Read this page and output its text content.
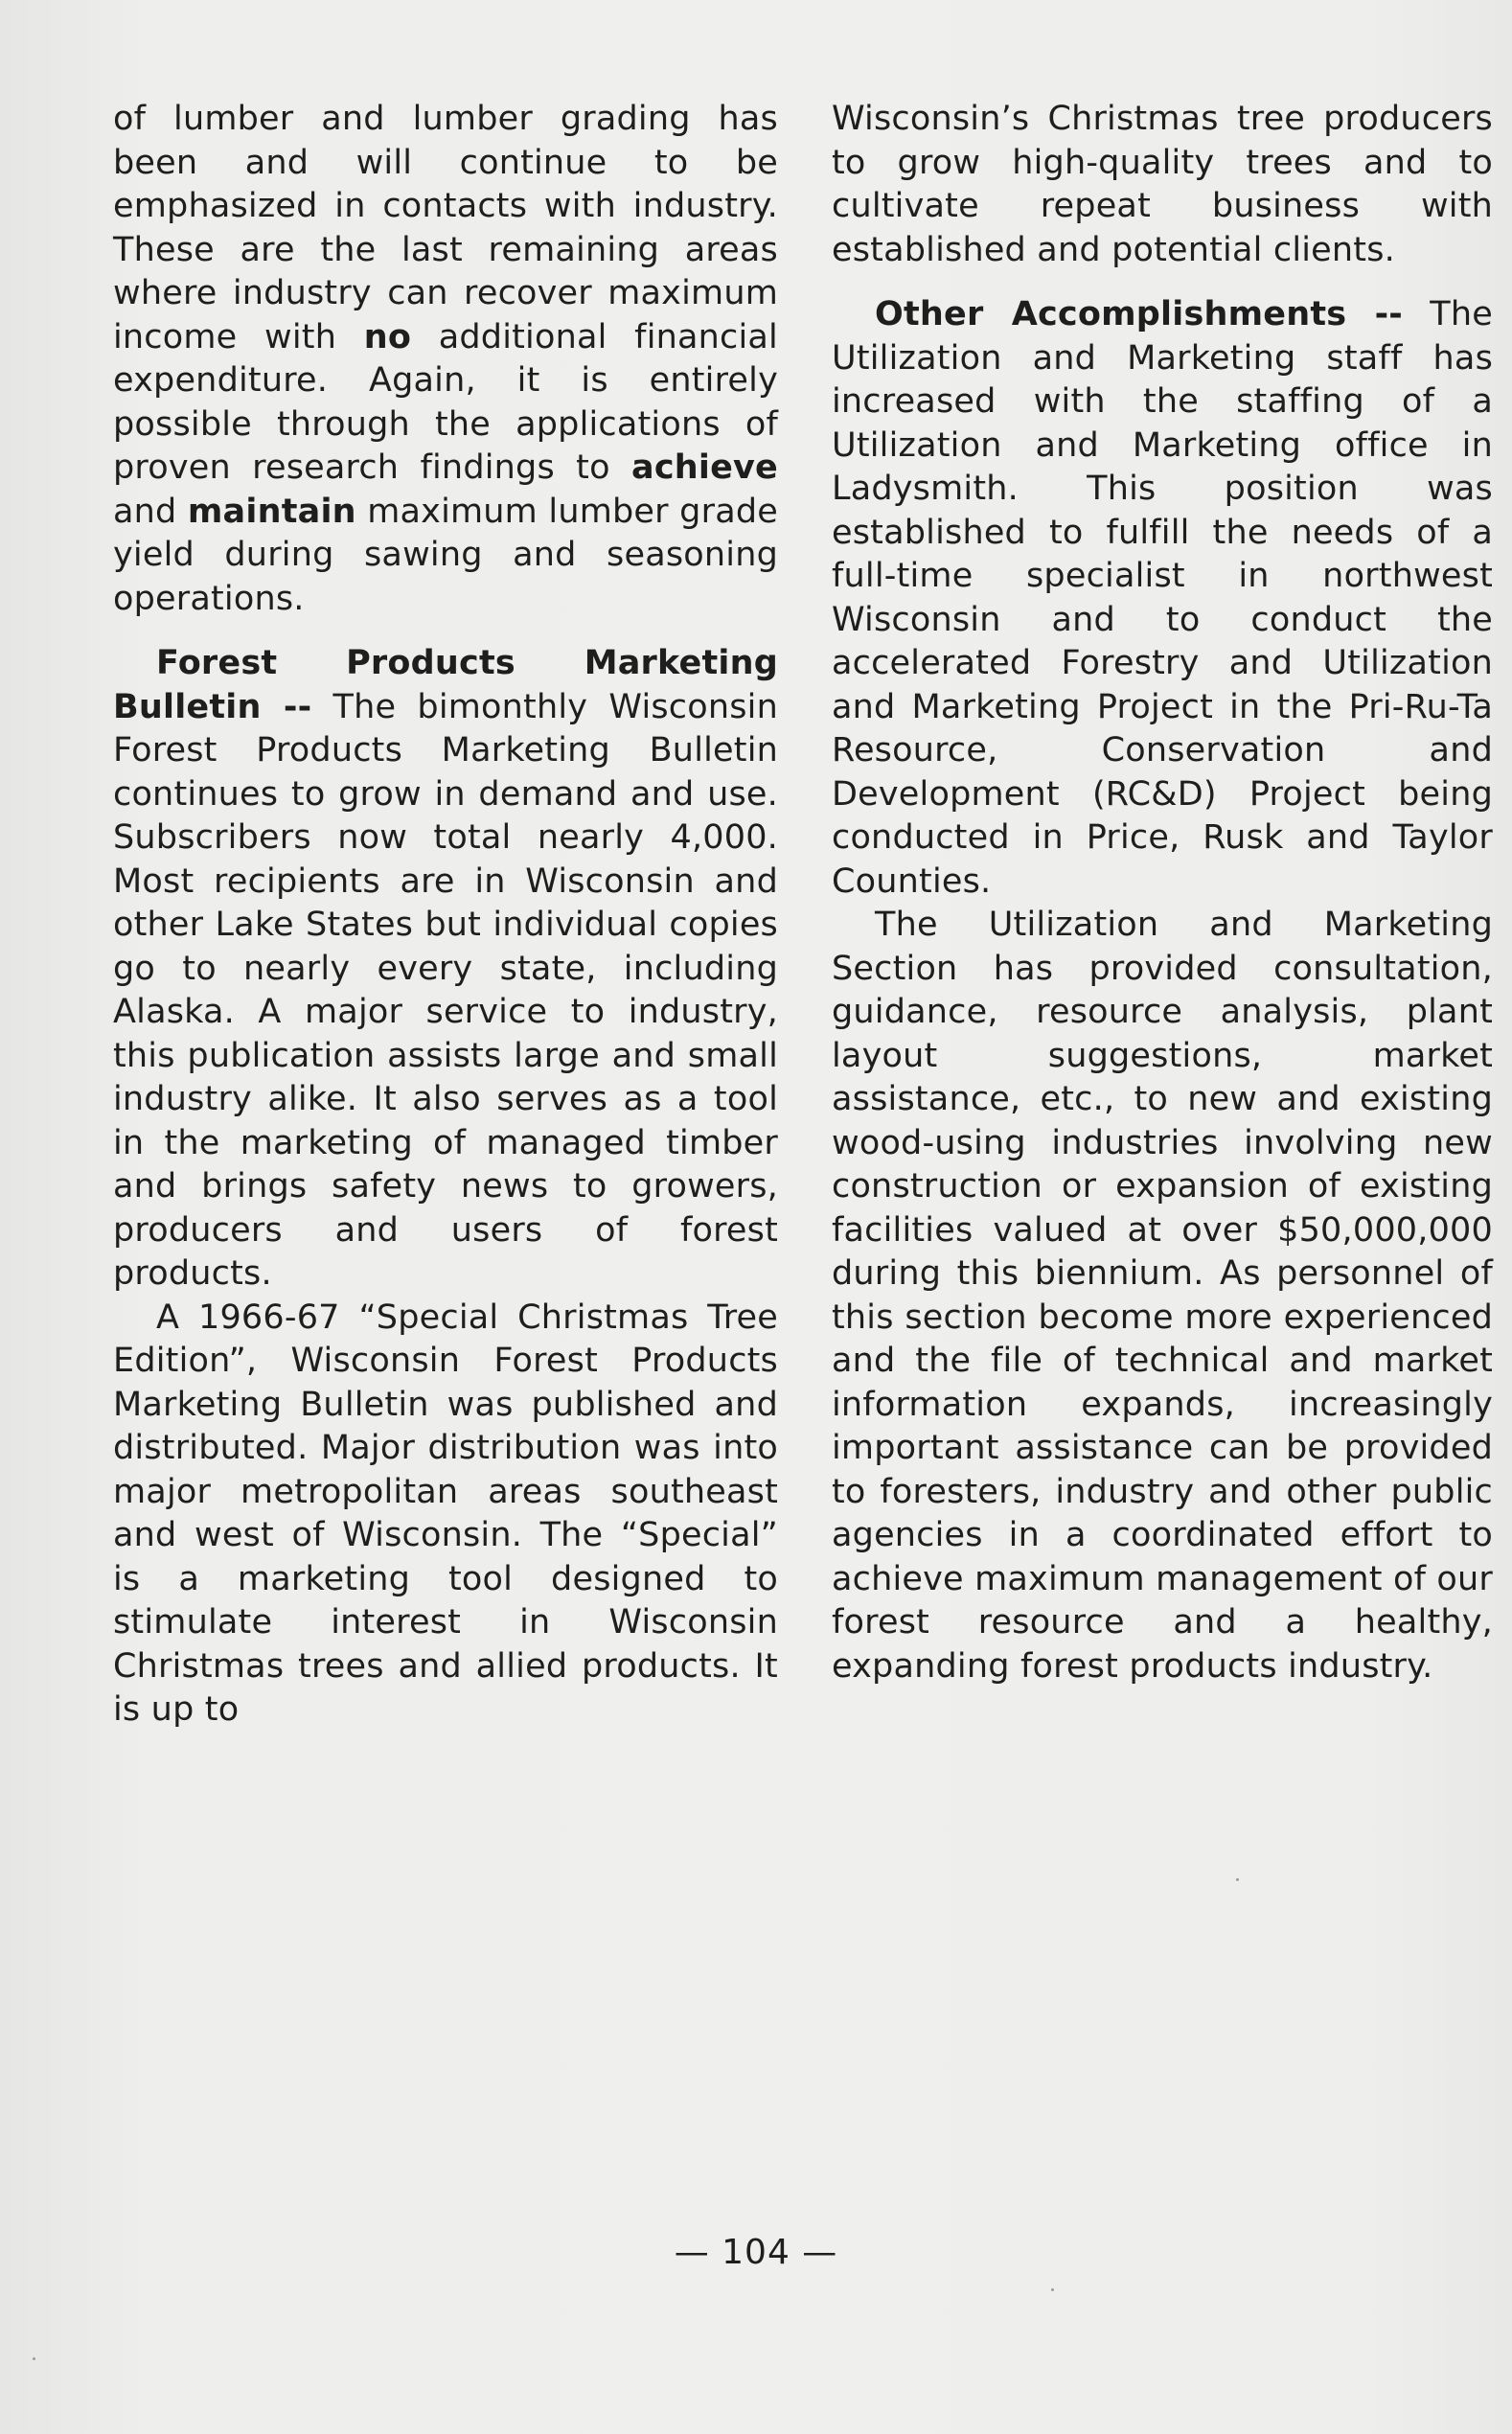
of lumber and lumber grading has been and will continue to be emphasized in contacts with industry. These are the last remaining areas where industry can recover maximum income with no additional financial expenditure. Again, it is entirely possible through the applications of proven research findings to achieve and maintain maximum lumber grade yield during sawing and seasoning operations.

Forest Products Marketing Bulletin -- The bimonthly Wisconsin Forest Products Marketing Bulletin continues to grow in demand and use. Subscribers now total nearly 4,000. Most recipients are in Wisconsin and other Lake States but individual copies go to nearly every state, including Alaska. A major service to industry, this publication assists large and small industry alike. It also serves as a tool in the marketing of managed timber and brings safety news to growers, producers and users of forest products.

A 1966-67 “Special Christmas Tree Edition”, Wisconsin Forest Products Marketing Bulletin was published and distributed. Major distribution was into major metropolitan areas southeast and west of Wisconsin. The “Special” is a marketing tool designed to stimulate interest in Wisconsin Christmas trees and allied products. It is up to

Wisconsin’s Christmas tree producers to grow high-quality trees and to cultivate repeat business with established and potential clients.

Other Accomplishments -- The Utilization and Marketing staff has increased with the staffing of a Utilization and Marketing office in Ladysmith. This position was established to fulfill the needs of a full-time specialist in northwest Wisconsin and to conduct the accelerated Forestry and Utilization and Marketing Project in the Pri-Ru-Ta Resource, Conservation and Development (RC&D) Project being conducted in Price, Rusk and Taylor Counties.

The Utilization and Marketing Section has provided consultation, guidance, resource analysis, plant layout suggestions, market assistance, etc., to new and existing wood-using industries involving new construction or expansion of existing facilities valued at over $50,000,000 during this biennium. As personnel of this section become more experienced and the file of technical and market information expands, increasingly important assistance can be provided to foresters, industry and other public agencies in a coordinated effort to achieve maximum management of our forest resource and a healthy, expanding forest products industry.

— 104 —
